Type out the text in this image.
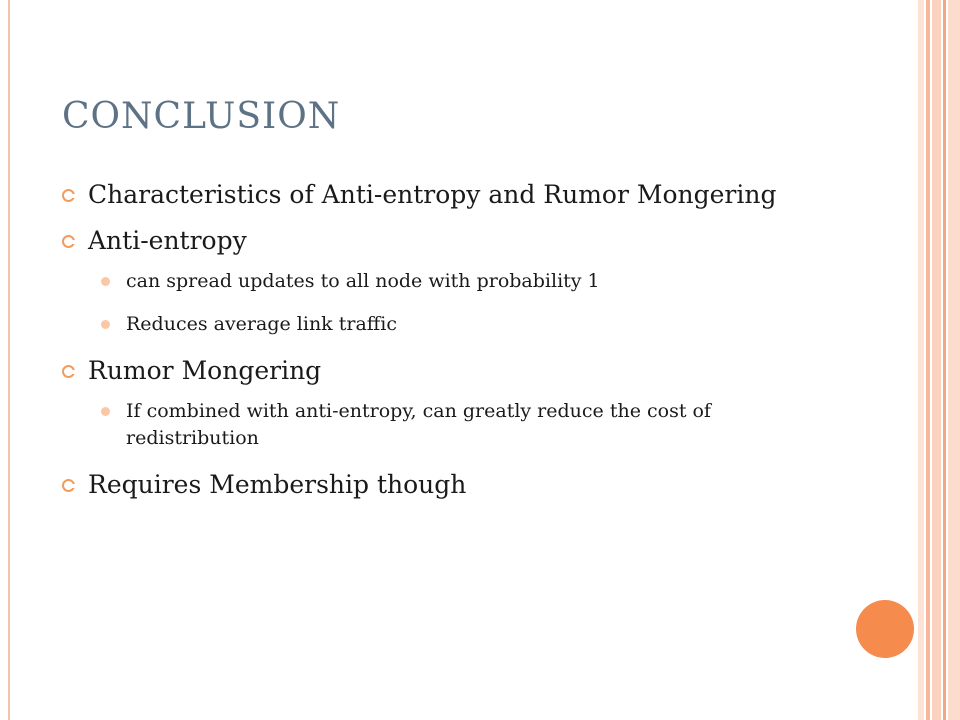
CONCLUSION
Characteristics of Anti-entropy and Rumor Mongering
Anti-entropy
can spread updates to all node with probability 1
Reduces average link traffic
Rumor Mongering
If combined with anti-entropy, can greatly reduce the cost of redistribution
Requires Membership though
